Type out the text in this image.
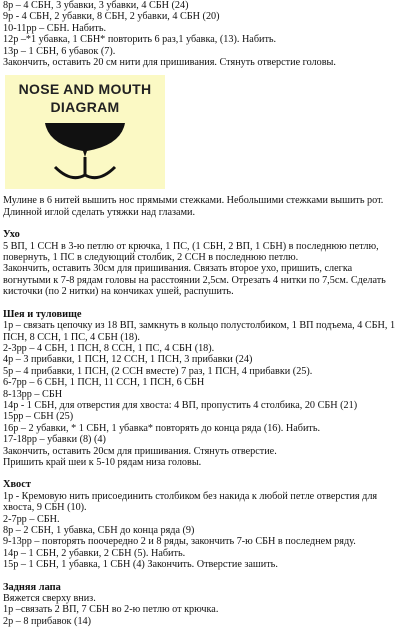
8р – 4 СБН, 3 убавки, 3 убавки, 4 СБН (24)
9р - 4 СБН, 2 убавки, 8 СБН, 2 убавки, 4 СБН (20)
10-11рр – СБН. Набить.
12р –*1 убавка, 1 СБН* повторить 6 раз,1 убавка, (13). Набить.
13р – 1 СБН, 6 убавок (7).
Закончить, оставить 20 см нити для пришивания. Стянуть отверстие головы.
NOSE AND MOUTH
DIAGRAM
Мулине в 6 нитей вышить нос прямыми стежками. Небольшими стежками вышить рот.
Длинной иглой сделать утяжки над глазами.
Ухо
5 ВП, 1 ССН в 3-ю петлю от крючка, 1 ПС, (1 СБН, 2 ВП, 1 СБН) в последнюю петлю,
повернуть, 1 ПС в следующий столбик, 2 ССН в последнюю петлю.
Закончить, оставить 30см для пришивания. Связать второе ухо, пришить, слегка
вогнутыми к 7-8 рядам головы на расстоянии 2,5см. Отрезать 4 нитки по 7,5см. Сделать
кисточки (по 2 нитки) на кончиках ушей, распушить.
Шея и туловище
1р – связать цепочку из 18 ВП, замкнуть в кольцо полустолбиком, 1 ВП подъема, 4 СБН, 1
ПСН, 8 ССН, 1 ПС, 4 СБН (18).
2-3рр – 4 СБН, 1 ПСН, 8 ССН, 1 ПС, 4 СБН (18).
4р – 3 прибавки, 1 ПСН, 12 ССН, 1 ПСН, 3 прибавки (24)
5р – 4 прибавки, 1 ПСН, (2 ССН вместе) 7 раз, 1 ПСН, 4 прибавки (25).
6-7рр – 6 СБН, 1 ПСН, 11 ССН, 1 ПСН, 6 СБН
8-13рр – СБН
14р - 1 СБН, для отверстия для хвоста: 4 ВП, пропустить 4 столбика, 20 СБН (21)
15рр – СБН (25)
16р – 2 убавки, * 1 СБН, 1 убавка* повторять до конца ряда (16). Набить.
17-18рр – убавки (8) (4)
Закончить, оставить 20см для пришивания. Стянуть отверстие.
Пришить край шеи к 5-10 рядам низа головы.
Хвост
1р - Кремовую нить присоединить столбиком без накида к любой петле отверстия для
хвоста, 9 СБН (10).
2-7рр – СБН.
8р – 2 СБН, 1 убавка, СБН до конца ряда (9)
9-13рр – повторять поочередно 2 и 8 ряды, закончить 7-ю СБН в последнем ряду.
14р – 1 СБН, 2 убавки, 2 СБН (5). Набить.
15р – 1 СБН, 1 убавка, 1 СБН (4) Закончить. Отверстие зашить.
Задняя лапа
Вяжется сверху вниз.
1р –связать 2 ВП, 7 СБН во 2-ю петлю от крючка.
2р – 8 прибавок (14)
